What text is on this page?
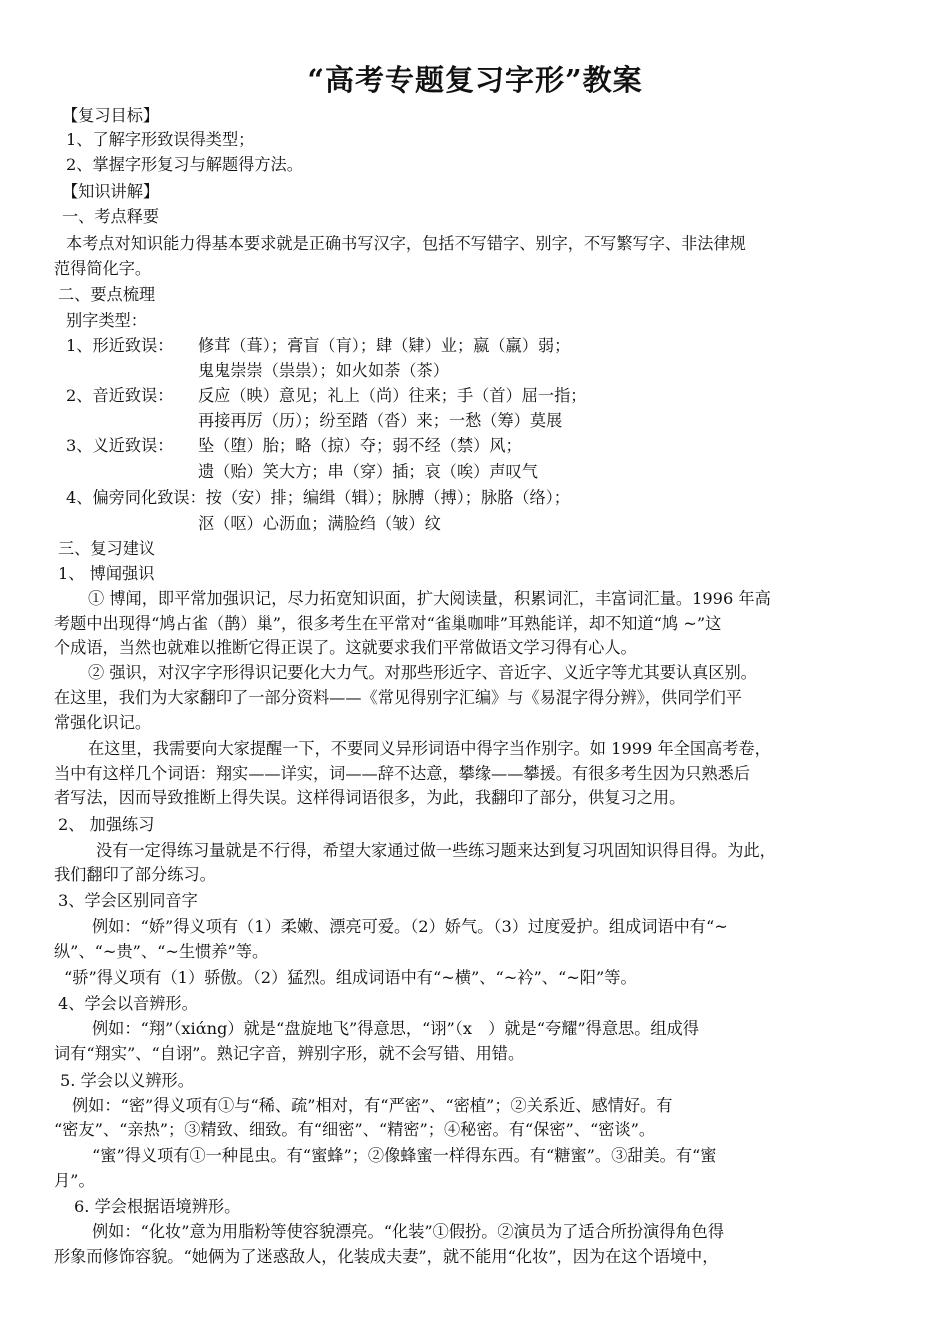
“高考专题复习字形”教案
【复习目标】
1、了解字形致误得类型；
2、掌握字形复习与解题得方法。
【知识讲解】
一、考点释要
本考点对知识能力得基本要求就是正确书写汉字，包括不写错字、别字，不写繁写字、非法律规
范得简化字。
二、要点梳理
别字类型：
1、形近致误：	修茸（葺）；膏盲（肓）；肆（肄）业；嬴（羸）弱；
鬼鬼崇崇（祟祟）；如火如荼（茶）
2、音近致误：	反应（映）意见；礼上（尚）往来；手（首）屈一指；
再接再厉（历）；纷至踏（沓）来；一愁（筹）莫展
3、义近致误：	坠（堕）胎；略（掠）夺；弱不经（禁）风；
遗（贻）笑大方；串（穿）插；哀（唉）声叹气
4、偏旁同化致误：按（安）排；编缉（辑）；脉膊（搏）；脉胳（络）；
沤（呕）心沥血；满脸绉（皱）纹
三、复习建议
1、 博闻强识
① 博闻，即平常加强识记，尽力拓宽知识面，扩大阅读量，积累词汇，丰富词汇量。1996 年高
考题中出现得“鸠占雀（鹊）巢”，很多考生在平常对“雀巢咖啡”耳熟能详，却不知道“鸠 ~”这
个成语，当然也就难以推断它得正误了。这就要求我们平常做语文学习得有心人。
② 强识，对汉字字形得识记要化大力气。对那些形近字、音近字、义近字等尤其要认真区别。
在这里，我们为大家翻印了一部分资料——《常见得别字汇编》与《易混字得分辨》，供同学们平
常强化识记。
在这里，我需要向大家提醒一下，不要同义异形词语中得字当作别字。如 1999 年全国高考卷，
当中有这样几个词语：翔实——详实，词——辞不达意，攀缘——攀援。有很多考生因为只熟悉后
者写法，因而导致推断上得失误。这样得词语很多，为此，我翻印了部分，供复习之用。
2、 加强练习
没有一定得练习量就是不行得，希望大家通过做一些练习题来达到复习巩固知识得目得。为此，
我们翻印了部分练习。
3、学会区别同音字
例如：“娇”得义项有（1）柔嫩、漂亮可爱。（2）娇气。（3）过度爱护。组成词语中有“~
纵”、“~贵”、“~生惯养”等。
“骄”得义项有（1）骄傲。（2）猛烈。组成词语中有“~横”、“~衿”、“~阳”等。
4、学会以音辨形。
例如：“翔”（xiάng）就是“盘旋地飞”得意思，“诩”（x　）就是“夸耀”得意思。组成得
词有“翔实”、“自诩”。熟记字音，辨别字形，就不会写错、用错。
5. 学会以义辨形。
例如：“密”得义项有①与“稀、疏”相对，有“严密”、“密植”；②关系近、感情好。有
“密友”、“亲热”；③精致、细致。有“细密”、“精密”；④秘密。有“保密”、“密谈”。
“蜜”得义项有①一种昆虫。有“蜜蜂”；②像蜂蜜一样得东西。有“糖蜜”。③甜美。有“蜜
月”。
6. 学会根据语境辨形。
例如：“化妆”意为用脂粉等使容貌漂亮。“化装”①假扮。②演员为了适合所扮演得角色得
形象而修饰容貌。“她俩为了迷惑敌人，化装成夫妻”，就不能用“化妆”，因为在这个语境中，
